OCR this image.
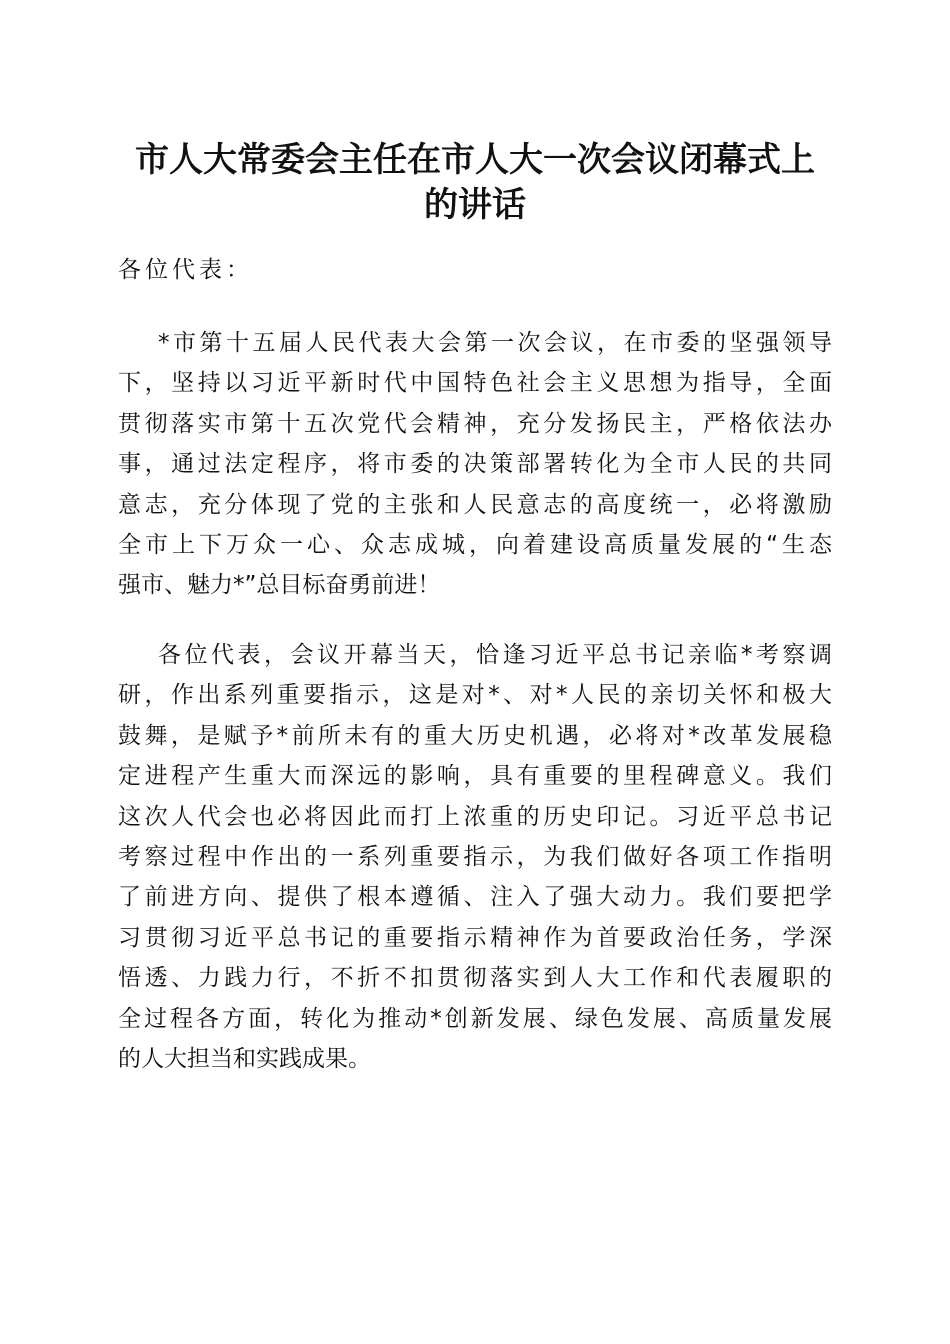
市人大常委会主任在市人大一次会议闭幕式上
的讲话
各位代表：
*市第十五届人民代表大会第一次会议，在市委的坚强领导
下，坚持以习近平新时代中国特色社会主义思想为指导，全面
贯彻落实市第十五次党代会精神，充分发扬民主，严格依法办
事，通过法定程序，将市委的决策部署转化为全市人民的共同
意志，充分体现了党的主张和人民意志的高度统一，必将激励
全市上下万众一心、众志成城，向着建设高质量发展的“生态
强市、魅力*”总目标奋勇前进！
各位代表，会议开幕当天，恰逢习近平总书记亲临*考察调
研，作出系列重要指示，这是对*、对*人民的亲切关怀和极大
鼓舞，是赋予*前所未有的重大历史机遇，必将对*改革发展稳
定进程产生重大而深远的影响，具有重要的里程碑意义。我们
这次人代会也必将因此而打上浓重的历史印记。习近平总书记
考察过程中作出的一系列重要指示，为我们做好各项工作指明
了前进方向、提供了根本遵循、注入了强大动力。我们要把学
习贯彻习近平总书记的重要指示精神作为首要政治任务，学深
悟透、力践力行，不折不扣贯彻落实到人大工作和代表履职的
全过程各方面，转化为推动*创新发展、绿色发展、高质量发展
的人大担当和实践成果。
